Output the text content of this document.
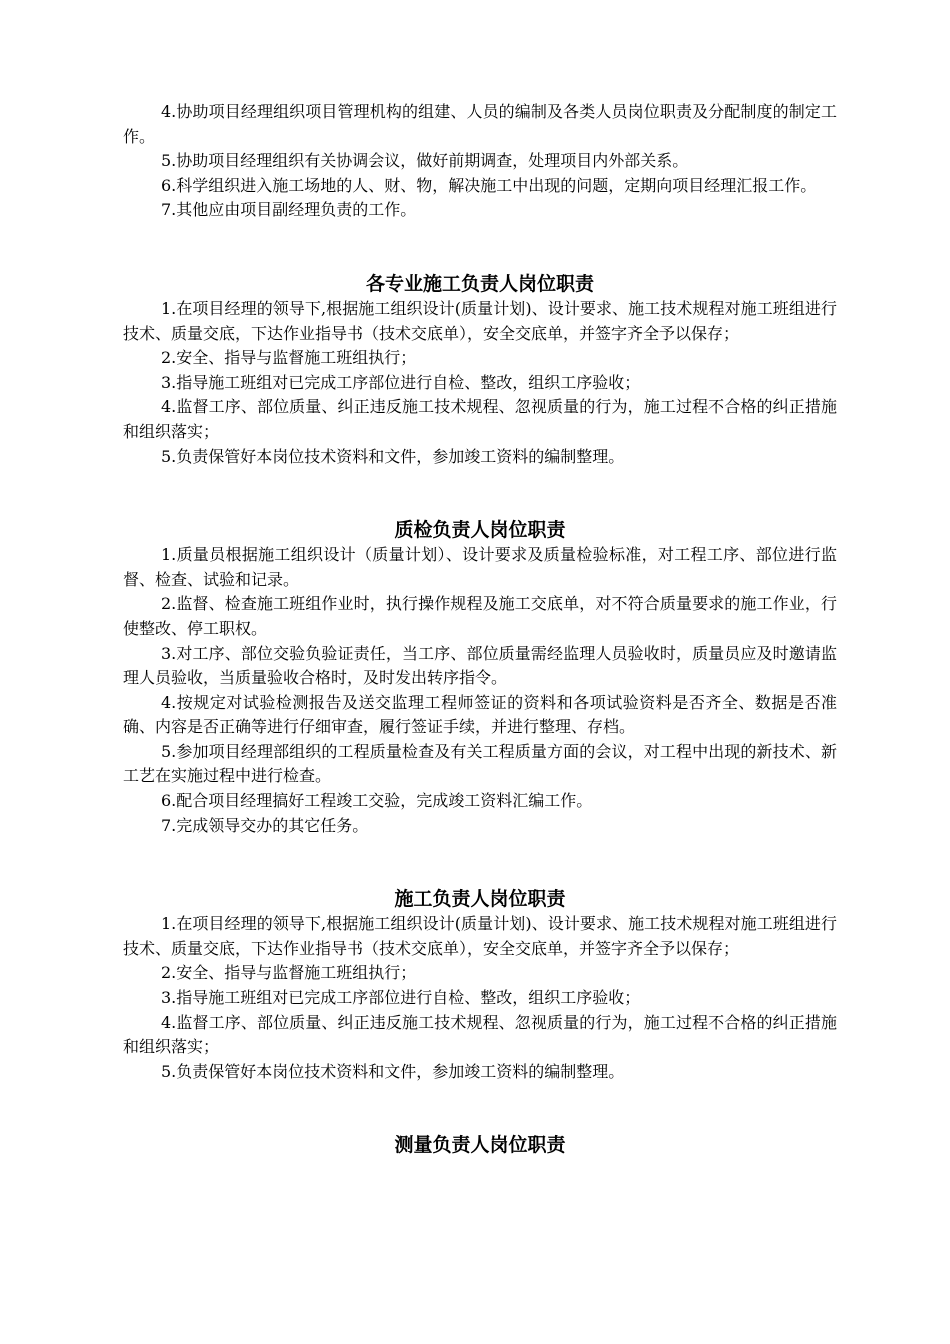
4.协助项目经理组织项目管理机构的组建、人员的编制及各类人员岗位职责及分配制度的制定工作。

5.协助项目经理组织有关协调会议，做好前期调查，处理项目内外部关系。

6.科学组织进入施工场地的人、财、物，解决施工中出现的问题，定期向项目经理汇报工作。

7.其他应由项目副经理负责的工作。

各专业施工负责人岗位职责

1.在项目经理的领导下,根据施工组织设计(质量计划)、设计要求、施工技术规程对施工班组进行技术、质量交底，下达作业指导书（技术交底单），安全交底单，并签字齐全予以保存；

2.安全、指导与监督施工班组执行；

3.指导施工班组对已完成工序部位进行自检、整改，组织工序验收；

4.监督工序、部位质量、纠正违反施工技术规程、忽视质量的行为，施工过程不合格的纠正措施和组织落实；

5.负责保管好本岗位技术资料和文件，参加竣工资料的编制整理。

质检负责人岗位职责

1.质量员根据施工组织设计（质量计划）、设计要求及质量检验标准，对工程工序、部位进行监督、检查、试验和记录。

2.监督、检查施工班组作业时，执行操作规程及施工交底单，对不符合质量要求的施工作业，行使整改、停工职权。

3.对工序、部位交验负验证责任，当工序、部位质量需经监理人员验收时，质量员应及时邀请监理人员验收，当质量验收合格时，及时发出转序指令。

4.按规定对试验检测报告及送交监理工程师签证的资料和各项试验资料是否齐全、数据是否准确、内容是否正确等进行仔细审查，履行签证手续，并进行整理、存档。

5.参加项目经理部组织的工程质量检查及有关工程质量方面的会议，对工程中出现的新技术、新工艺在实施过程中进行检查。

6.配合项目经理搞好工程竣工交验，完成竣工资料汇编工作。

7.完成领导交办的其它任务。

施工负责人岗位职责

1.在项目经理的领导下,根据施工组织设计(质量计划)、设计要求、施工技术规程对施工班组进行技术、质量交底，下达作业指导书（技术交底单），安全交底单，并签字齐全予以保存；

2.安全、指导与监督施工班组执行；

3.指导施工班组对已完成工序部位进行自检、整改，组织工序验收；

4.监督工序、部位质量、纠正违反施工技术规程、忽视质量的行为，施工过程不合格的纠正措施和组织落实；

5.负责保管好本岗位技术资料和文件，参加竣工资料的编制整理。

测量负责人岗位职责
